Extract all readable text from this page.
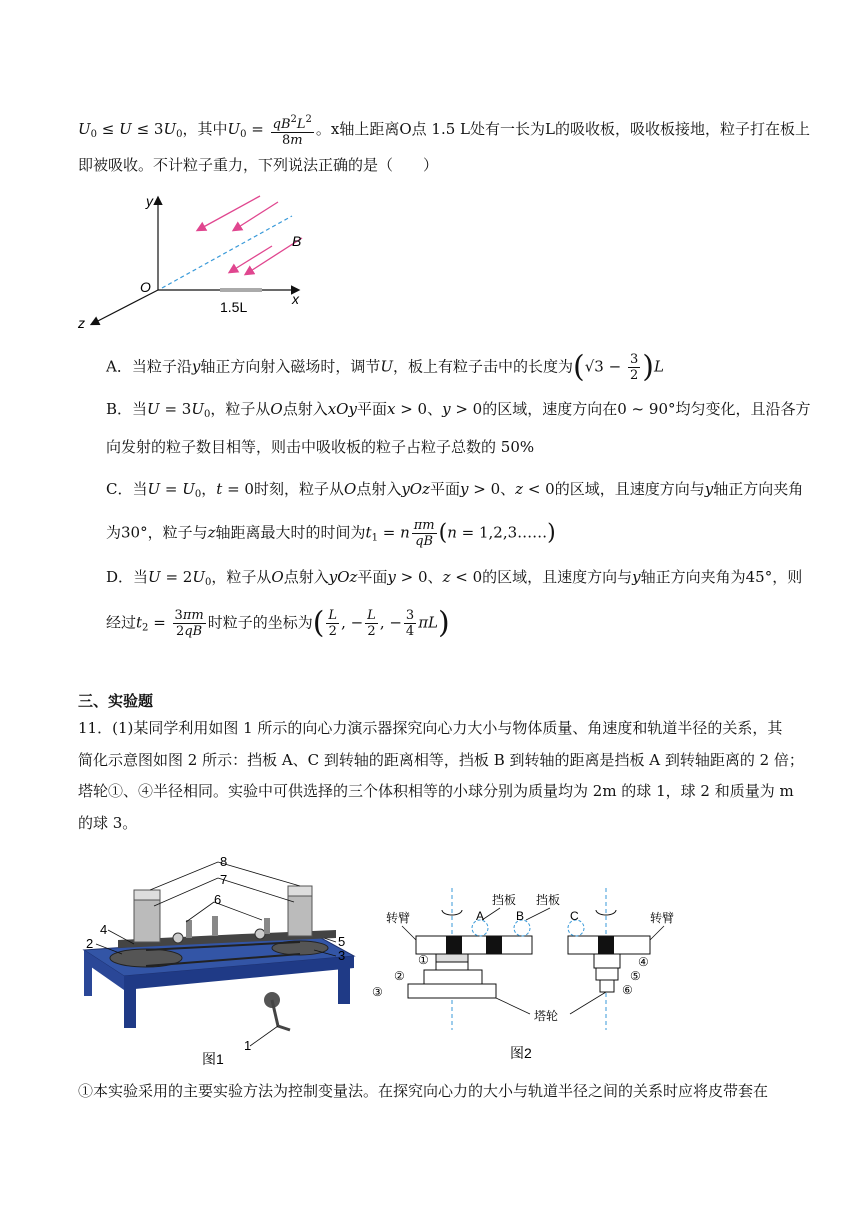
$U_0 \le U \le 3U_0$，其中$U_0 = \frac{qB^2L^2}{8m}$ 。x轴上距离O点 1.5 L处有一长为L的吸收板，吸收板接地，粒子打在板上
即被吸收。不计粒子重力，下列说法正确的是（　　）
y
x
z
O
B
1.5L
A．当粒子沿y轴正方向射入磁场时，调节U，板上有粒子击中的长度为$(√3 - \frac{3}{2} )L$
B．当$U = 3U_0$，粒子从O点射入xOy平面x > 0、y > 0的区域，速度方向在0 ~ 90°均匀变化，且沿各方
向发射的粒子数目相等，则击中吸收板的粒子占粒子总数的 50%
C．当$U = U_0$，t = 0时刻，粒子从O点射入yOz平面y > 0、z < 0的区域，且速度方向与y轴正方向夹角
为30°，粒子与z轴距离最大时的时间为$t_1 = n \frac{\pi m}{qB} (n$ = 1,2,3……)
D．当$U = 2U_0$，粒子从O点射入yOz平面y > 0、z < 0的区域，且速度方向与y轴正方向夹角为45°，则
经过$t_2 = \frac{3\pi m}{2qB}$ 时粒子的坐标为( $\frac{L}{2}$ , − $\frac{L}{2}$ , − $\frac{3}{4} \pi L$)
三、实验题
11．(1)某同学利用如图 1 所示的向心力演示器探究向心力大小与物体质量、角速度和轨道半径的关系，其
简化示意图如图 2 所示：挡板 A、C 到转轴的距离相等，挡板 B 到转轴的距离是挡板 A 到转轴距离的 2 倍；
塔轮①、④半径相同。实验中可供选择的三个体积相等的小球分别为质量均为 2m 的球 1，球 2 和质量为 m
的球 3。
8
7
6
4
2	5
3
1
图1
转臂	转臂
挡板 挡板
A	B	C
塔轮
①
②
③
④
⑤
⑥
图2
①本实验采用的主要实验方法为控制变量法。在探究向心力的大小与轨道半径之间的关系时应将皮带套在
